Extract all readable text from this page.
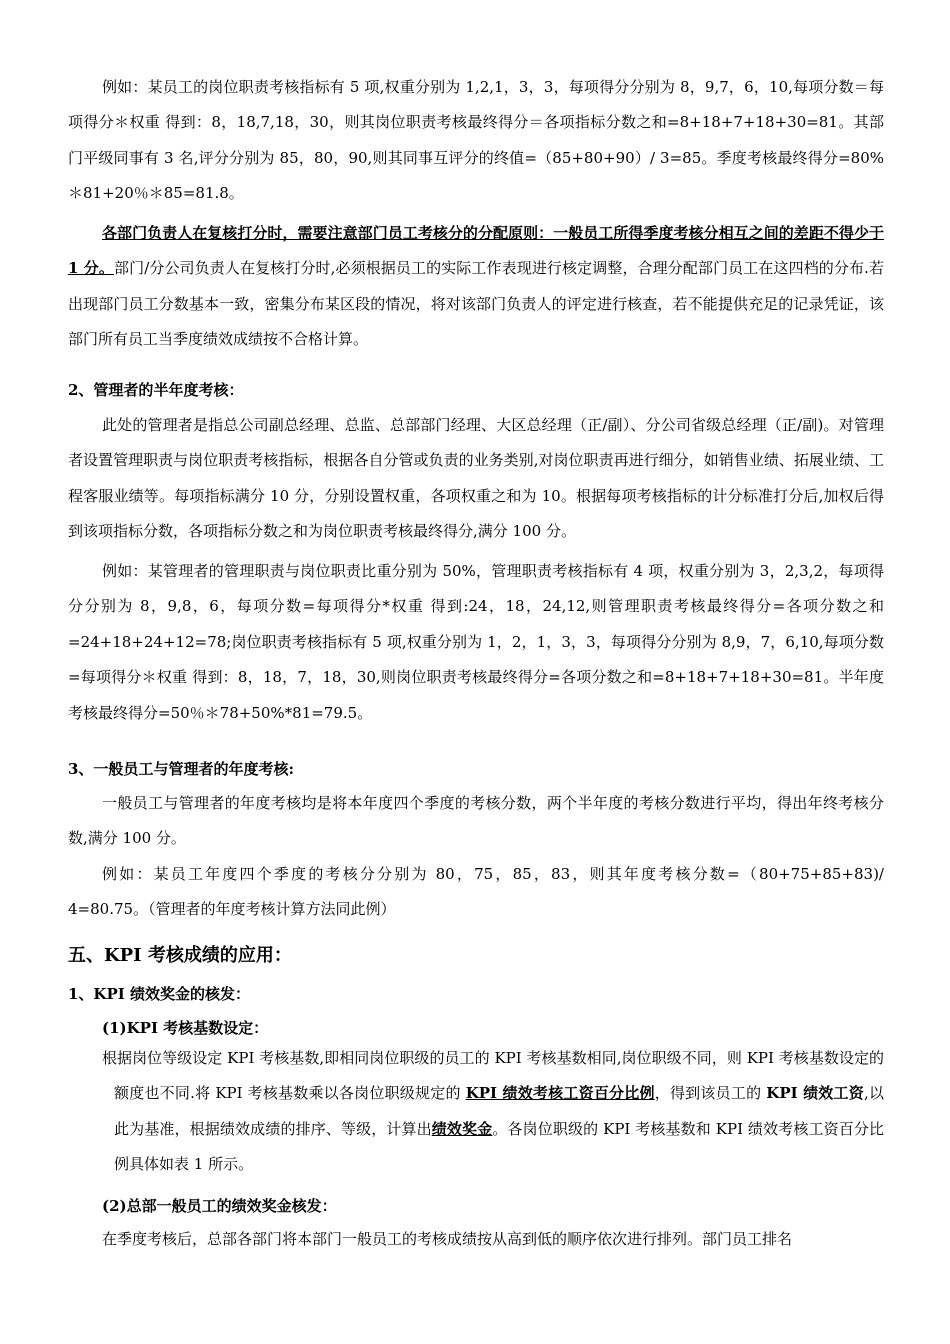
例如：某员工的岗位职责考核指标有 5 项,权重分别为 1,2,1，3，3，每项得分分别为 8，9,7，6，10,每项分数＝每项得分＊权重 得到：8，18,7,18，30，则其岗位职责考核最终得分＝各项指标分数之和=8+18+7+18+30=81。其部门平级同事有 3 名,评分分别为 85，80，90,则其同事互评分的终值=（85+80+90）/ 3=85。季度考核最终得分=80%＊81+20％＊85=81.8。

各部门负责人在复核打分时，需要注意部门员工考核分的分配原则：一般员工所得季度考核分相互之间的差距不得少于 1 分。部门/分公司负责人在复核打分时,必须根据员工的实际工作表现进行核定调整，合理分配部门员工在这四档的分布.若出现部门员工分数基本一致，密集分布某区段的情况，将对该部门负责人的评定进行核查，若不能提供充足的记录凭证，该部门所有员工当季度绩效成绩按不合格计算。

2、管理者的半年度考核：

此处的管理者是指总公司副总经理、总监、总部部门经理、大区总经理（正/副）、分公司省级总经理（正/副)。对管理者设置管理职责与岗位职责考核指标，根据各自分管或负责的业务类别,对岗位职责再进行细分，如销售业绩、拓展业绩、工程客服业绩等。每项指标满分 10 分，分别设置权重，各项权重之和为 10。根据每项考核指标的计分标准打分后,加权后得到该项指标分数，各项指标分数之和为岗位职责考核最终得分,满分 100 分。

例如：某管理者的管理职责与岗位职责比重分别为 50%，管理职责考核指标有 4 项，权重分别为 3，2,3,2，每项得分分别为 8，9,8，6，每项分数=每项得分*权重 得到:24，18，24,12,则管理职责考核最终得分=各项分数之和=24+18+24+12=78;岗位职责考核指标有 5 项,权重分别为 1，2，1，3，3，每项得分分别为 8,9，7，6,10,每项分数=每项得分＊权重 得到：8，18，7，18，30,则岗位职责考核最终得分=各项分数之和=8+18+7+18+30=81。半年度考核最终得分=50％＊78+50%*81=79.5。

3、一般员工与管理者的年度考核:

一般员工与管理者的年度考核均是将本年度四个季度的考核分数，两个半年度的考核分数进行平均，得出年终考核分数,满分 100 分。

例如：某员工年度四个季度的考核分分别为 80，75，85，83，则其年度考核分数=（80+75+85+83)/ 4=80.75。（管理者的年度考核计算方法同此例）

五、KPI 考核成绩的应用：
1、KPI 绩效奖金的核发：
(1)KPI 考核基数设定：

根据岗位等级设定 KPI 考核基数,即相同岗位职级的员工的 KPI 考核基数相同,岗位职级不同，则 KPI 考核基数设定的额度也不同.将 KPI 考核基数乘以各岗位职级规定的 KPI 绩效考核工资百分比例，得到该员工的 KPI 绩效工资,以此为基准，根据绩效成绩的排序、等级，计算出绩效奖金。各岗位职级的 KPI 考核基数和 KPI 绩效考核工资百分比例具体如表 1 所示。

(2)总部一般员工的绩效奖金核发：

在季度考核后，总部各部门将本部门一般员工的考核成绩按从高到低的顺序依次进行排列。部门员工排名
